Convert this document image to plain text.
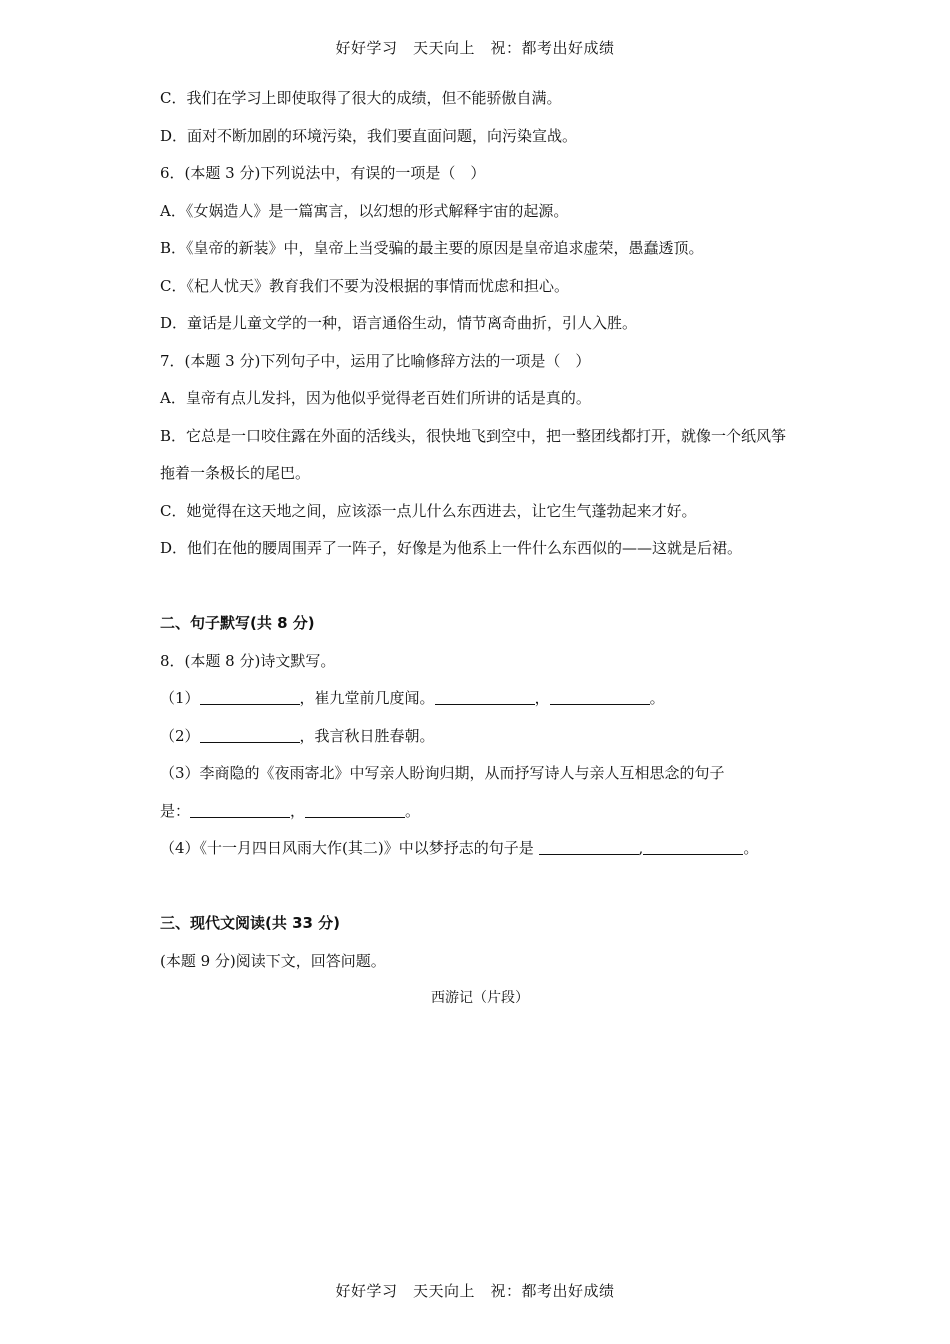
好好学习　天天向上　祝：都考出好成绩
C．我们在学习上即使取得了很大的成绩，但不能骄傲自满。
D．面对不断加剧的环境污染，我们要直面问题，向污染宣战。
6．(本题 3 分)下列说法中，有误的一项是（　）
A．《女娲造人》是一篇寓言，以幻想的形式解释宇宙的起源。
B．《皇帝的新装》中，皇帝上当受骗的最主要的原因是皇帝追求虚荣，愚蠢透顶。
C．《杞人忧天》教育我们不要为没根据的事情而忧虑和担心。
D．童话是儿童文学的一种，语言通俗生动，情节离奇曲折，引人入胜。
7．(本题 3 分)下列句子中，运用了比喻修辞方法的一项是（　）
A．皇帝有点儿发抖，因为他似乎觉得老百姓们所讲的话是真的。
B．它总是一口咬住露在外面的活线头，很快地飞到空中，把一整团线都打开，就像一个纸风筝拖着一条极长的尾巴。
C．她觉得在这天地之间，应该添一点儿什么东西进去，让它生气蓬勃起来才好。
D．他们在他的腰周围弄了一阵子，好像是为他系上一件什么东西似的——这就是后裙。
二、句子默写(共 8 分)
8．(本题 8 分)诗文默写。
（1）	，崔九堂前几度闻。	，	。
（2）	，我言秋日胜春朝。
（3）李商隐的《夜雨寄北》中写亲人盼询归期，从而抒写诗人与亲人互相思念的句子
是：	，	。
（4）《十一月四日风雨大作(其二)》中以梦抒志的句子是	,	。
三、现代文阅读(共 33 分)
(本题 9 分)阅读下文，回答问题。
西游记（片段）
好好学习　天天向上　祝：都考出好成绩
